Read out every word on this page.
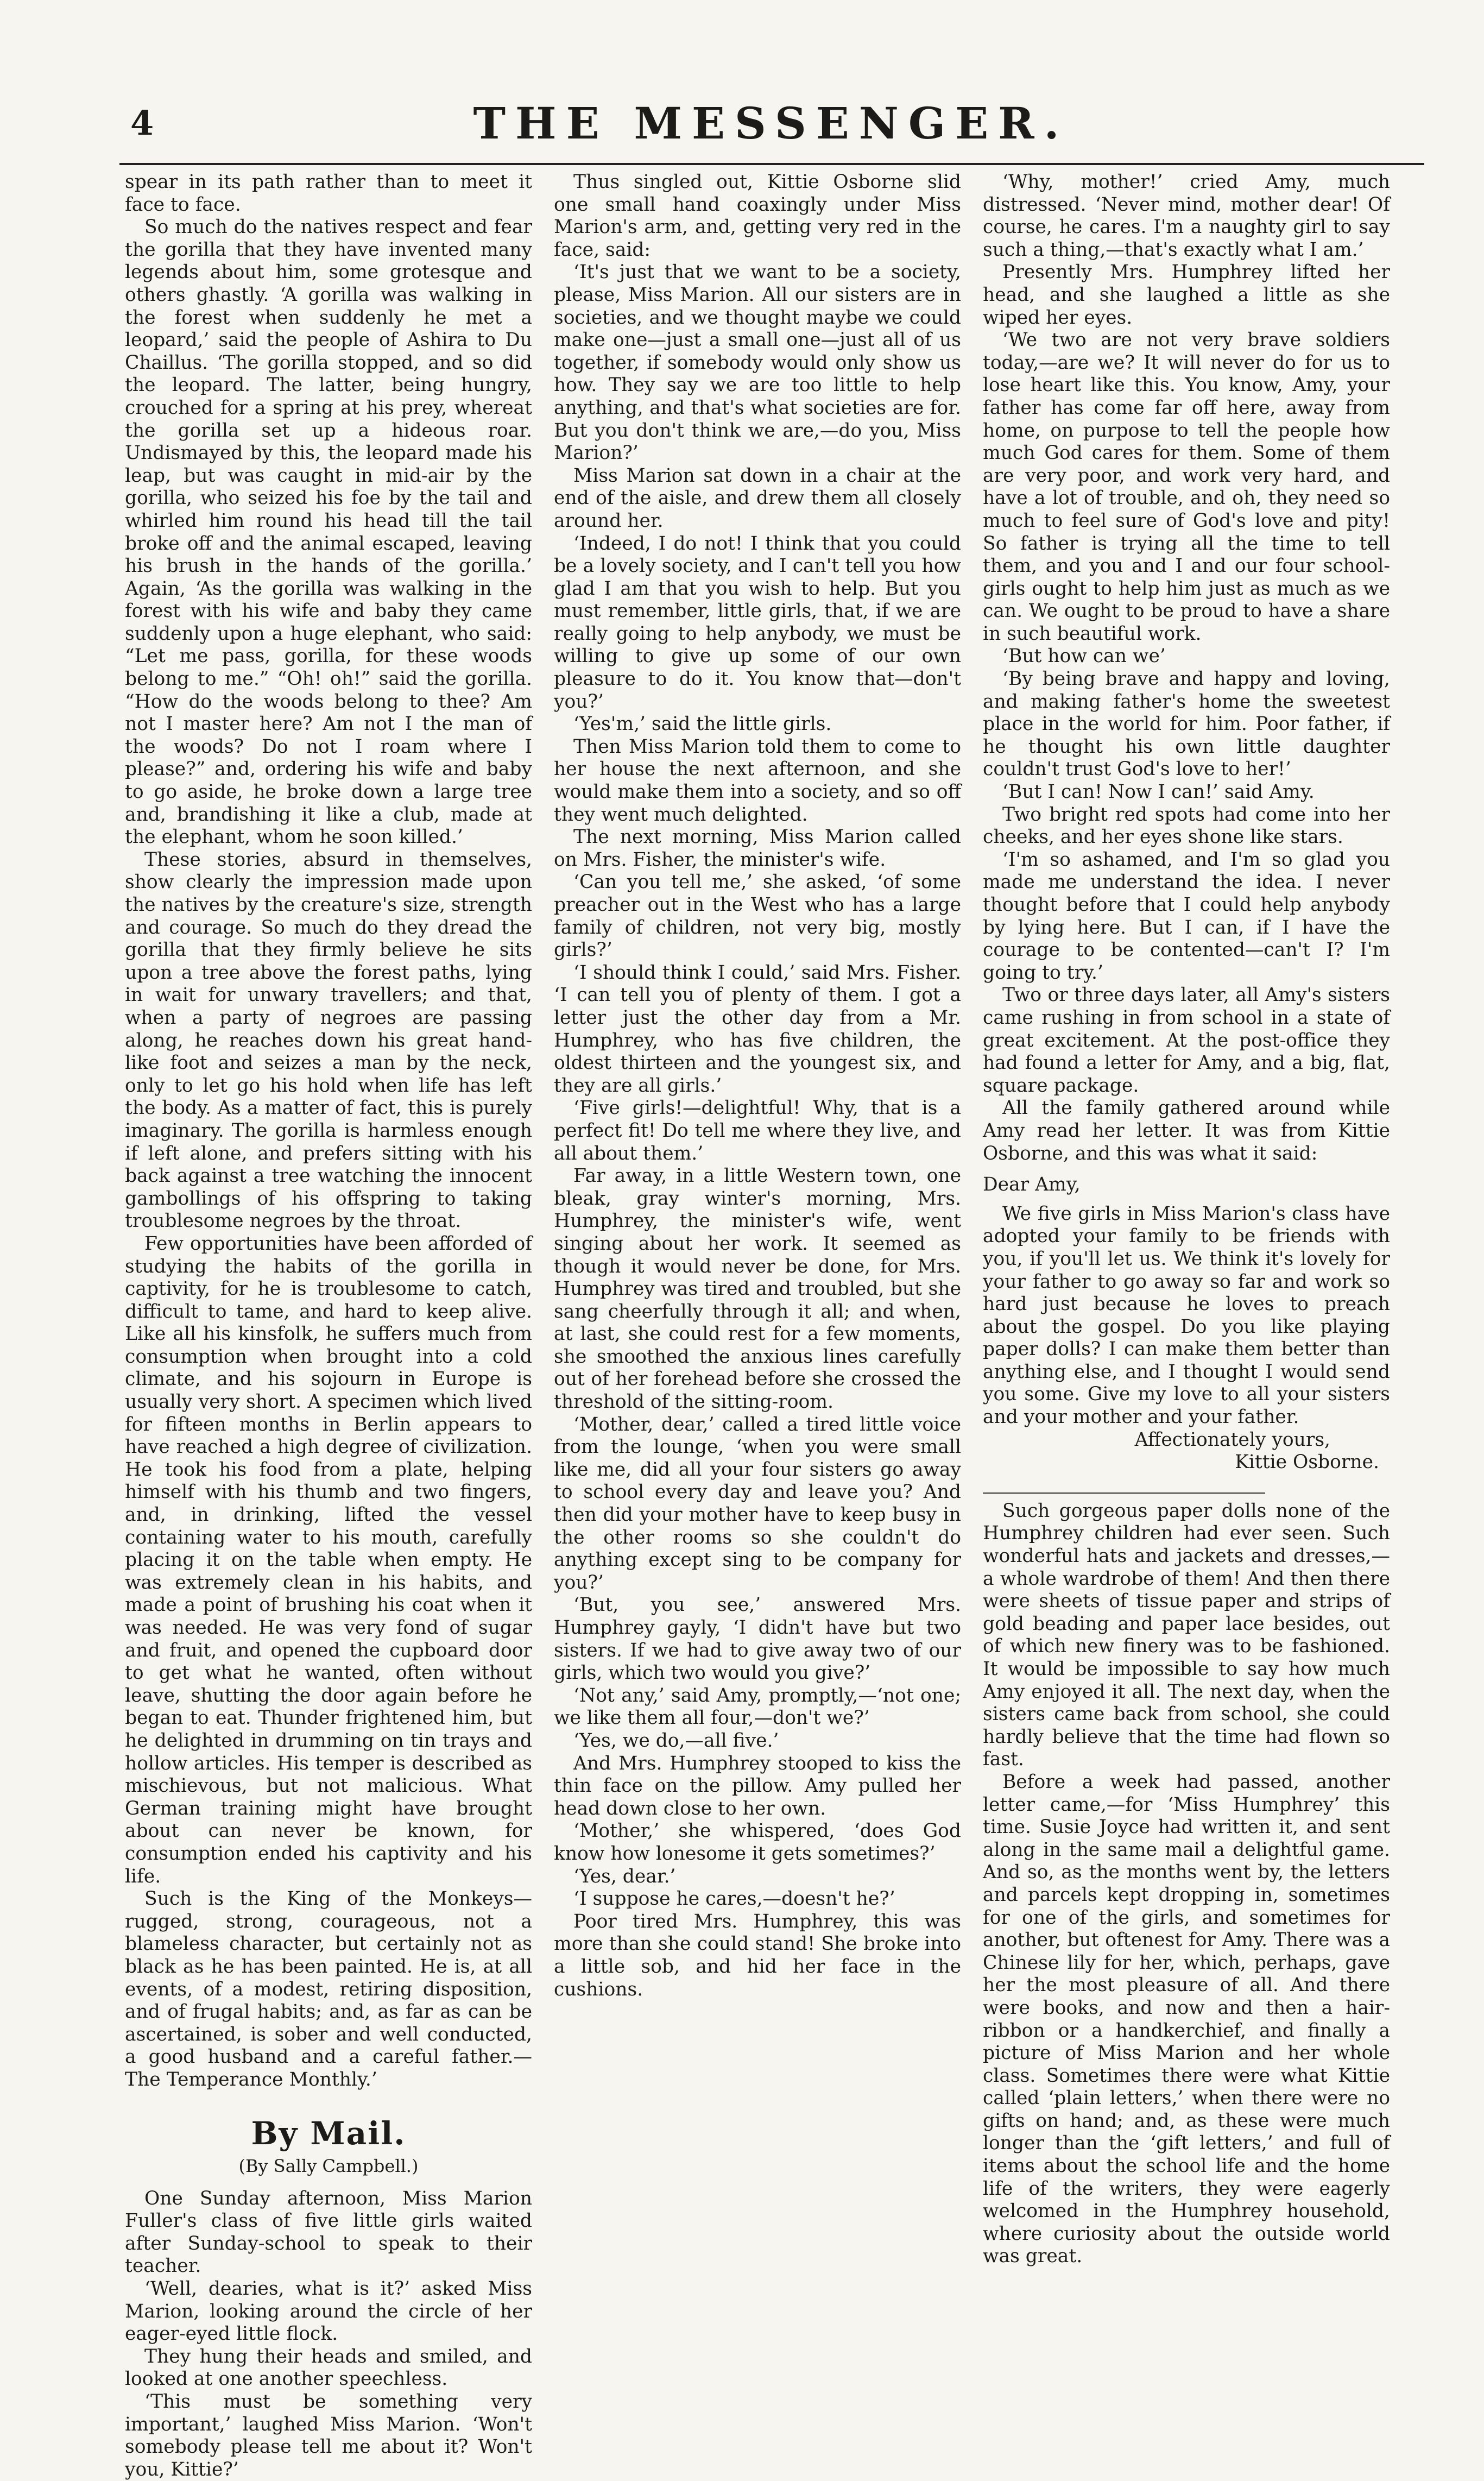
4	THE MESSENGER.

spear in its path rather than to meet it face to face.

So much do the natives respect and fear the gorilla that they have invented many legends about him, some grotesque and others ghastly. ‘A gorilla was walking in the forest when suddenly he met a leopard,’ said the people of Ashira to Du Chaillus. ‘The gorilla stopped, and so did the leopard. The latter, being hungry, crouched for a spring at his prey, whereat the gorilla set up a hideous roar. Undismayed by this, the leopard made his leap, but was caught in mid-air by the gorilla, who seized his foe by the tail and whirled him round his head till the tail broke off and the animal escaped, leaving his brush in the hands of the gorilla.’ Again, ‘As the gorilla was walking in the forest with his wife and baby they came suddenly upon a huge elephant, who said: “Let me pass, gorilla, for these woods belong to me.” “Oh! oh!” said the gorilla. “How do the woods belong to thee? Am not I master here? Am not I the man of the woods? Do not I roam where I please?” and, ordering his wife and baby to go aside, he broke down a large tree and, brandishing it like a club, made at the elephant, whom he soon killed.’

These stories, absurd in themselves, show clearly the impression made upon the natives by the creature's size, strength and courage. So much do they dread the gorilla that they firmly believe he sits upon a tree above the forest paths, lying in wait for unwary travellers; and that, when a party of negroes are passing along, he reaches down his great hand-like foot and seizes a man by the neck, only to let go his hold when life has left the body. As a matter of fact, this is purely imaginary. The gorilla is harmless enough if left alone, and prefers sitting with his back against a tree watching the innocent gambollings of his offspring to taking troublesome negroes by the throat.

Few opportunities have been afforded of studying the habits of the gorilla in captivity, for he is troublesome to catch, difficult to tame, and hard to keep alive. Like all his kinsfolk, he suffers much from consumption when brought into a cold climate, and his sojourn in Europe is usually very short. A specimen which lived for fifteen months in Berlin appears to have reached a high degree of civilization. He took his food from a plate, helping himself with his thumb and two fingers, and, in drinking, lifted the vessel containing water to his mouth, carefully placing it on the table when empty. He was extremely clean in his habits, and made a point of brushing his coat when it was needed. He was very fond of sugar and fruit, and opened the cupboard door to get what he wanted, often without leave, shutting the door again before he began to eat. Thunder frightened him, but he delighted in drumming on tin trays and hollow articles. His temper is described as mischievous, but not malicious. What German training might have brought about can never be known, for consumption ended his captivity and his life.

Such is the King of the Monkeys—rugged, strong, courageous, not a blameless character, but certainly not as black as he has been painted. He is, at all events, of a modest, retiring disposition, and of frugal habits; and, as far as can be ascertained, is sober and well conducted, a good husband and a careful father.— The Temperance Monthly.’

By Mail.
(By Sally Campbell.)

One Sunday afternoon, Miss Marion Fuller's class of five little girls waited after Sunday-school to speak to their teacher.

‘Well, dearies, what is it?’ asked Miss Marion, looking around the circle of her eager-eyed little flock.

They hung their heads and smiled, and looked at one another speechless.

‘This must be something very important,’ laughed Miss Marion. ‘Won't somebody please tell me about it? Won't you, Kittie?’

Thus singled out, Kittie Osborne slid one small hand coaxingly under Miss Marion's arm, and, getting very red in the face, said:

‘It's just that we want to be a society, please, Miss Marion. All our sisters are in societies, and we thought maybe we could make one—just a small one—just all of us together, if somebody would only show us how. They say we are too little to help anything, and that's what societies are for. But you don't think we are,—do you, Miss Marion?’

Miss Marion sat down in a chair at the end of the aisle, and drew them all closely around her.

‘Indeed, I do not! I think that you could be a lovely society, and I can't tell you how glad I am that you wish to help. But you must remember, little girls, that, if we are really going to help anybody, we must be willing to give up some of our own pleasure to do it. You know that—don't you?’

‘Yes'm,’ said the little girls.

Then Miss Marion told them to come to her house the next afternoon, and she would make them into a society, and so off they went much delighted.

The next morning, Miss Marion called on Mrs. Fisher, the minister's wife.

‘Can you tell me,’ she asked, ‘of some preacher out in the West who has a large family of children, not very big, mostly girls?’

‘I should think I could,’ said Mrs. Fisher. ‘I can tell you of plenty of them. I got a letter just the other day from a Mr. Humphrey, who has five children, the oldest thirteen and the youngest six, and they are all girls.’

‘Five girls!—delightful! Why, that is a perfect fit! Do tell me where they live, and all about them.’

Far away, in a little Western town, one bleak, gray winter's morning, Mrs. Humphrey, the minister's wife, went singing about her work. It seemed as though it would never be done, for Mrs. Humphrey was tired and troubled, but she sang cheerfully through it all; and when, at last, she could rest for a few moments, she smoothed the anxious lines carefully out of her forehead before she crossed the threshold of the sitting-room.

‘Mother, dear,’ called a tired little voice from the lounge, ‘when you were small like me, did all your four sisters go away to school every day and leave you? And then did your mother have to keep busy in the other rooms so she couldn't do anything except sing to be company for you?’

‘But, you see,’ answered Mrs. Humphrey gayly, ‘I didn't have but two sisters. If we had to give away two of our girls, which two would you give?’

‘Not any,’ said Amy, promptly,—‘not one; we like them all four,—don't we?’

‘Yes, we do,—all five.’

And Mrs. Humphrey stooped to kiss the thin face on the pillow. Amy pulled her head down close to her own.

‘Mother,’ she whispered, ‘does God know how lonesome it gets sometimes?’

‘Yes, dear.’

‘I suppose he cares,—doesn't he?’

Poor tired Mrs. Humphrey, this was more than she could stand! She broke into a little sob, and hid her face in the cushions.

‘Why, mother!’ cried Amy, much distressed. ‘Never mind, mother dear! Of course, he cares. I'm a naughty girl to say such a thing,—that's exactly what I am.’

Presently Mrs. Humphrey lifted her head, and she laughed a little as she wiped her eyes.

‘We two are not very brave soldiers today,—are we? It will never do for us to lose heart like this. You know, Amy, your father has come far off here, away from home, on purpose to tell the people how much God cares for them. Some of them are very poor, and work very hard, and have a lot of trouble, and oh, they need so much to feel sure of God's love and pity! So father is trying all the time to tell them, and you and I and our four school-girls ought to help him just as much as we can. We ought to be proud to have a share in such beautiful work.

‘But how can we’

‘By being brave and happy and loving, and making father's home the sweetest place in the world for him. Poor father, if he thought his own little daughter couldn't trust God's love to her!’

‘But I can! Now I can!’ said Amy.

Two bright red spots had come into her cheeks, and her eyes shone like stars.

‘I'm so ashamed, and I'm so glad you made me understand the idea. I never thought before that I could help anybody by lying here. But I can, if I have the courage to be contented—can't I? I'm going to try.’

Two or three days later, all Amy's sisters came rushing in from school in a state of great excitement. At the post-office they had found a letter for Amy, and a big, flat, square package.

All the family gathered around while Amy read her letter. It was from Kittie Osborne, and this was what it said:

Dear Amy,

We five girls in Miss Marion's class have adopted your family to be friends with you, if you'll let us. We think it's lovely for your father to go away so far and work so hard just because he loves to preach about the gospel. Do you like playing paper dolls? I can make them better than anything else, and I thought I would send you some. Give my love to all your sisters and your mother and your father.

Affectionately yours,
Kittie Osborne.

Such gorgeous paper dolls none of the Humphrey children had ever seen. Such wonderful hats and jackets and dresses,—a whole wardrobe of them! And then there were sheets of tissue paper and strips of gold beading and paper lace besides, out of which new finery was to be fashioned. It would be impossible to say how much Amy enjoyed it all. The next day, when the sisters came back from school, she could hardly believe that the time had flown so fast.

Before a week had passed, another letter came,—for ‘Miss Humphrey’ this time. Susie Joyce had written it, and sent along in the same mail a delightful game. And so, as the months went by, the letters and parcels kept dropping in, sometimes for one of the girls, and sometimes for another, but oftenest for Amy. There was a Chinese lily for her, which, perhaps, gave her the most pleasure of all. And there were books, and now and then a hair-ribbon or a handkerchief, and finally a picture of Miss Marion and her whole class. Sometimes there were what Kittie called ‘plain letters,’ when there were no gifts on hand; and, as these were much longer than the ‘gift letters,’ and full of items about the school life and the home life of the writers, they were eagerly welcomed in the Humphrey household, where curiosity about the outside world was great.
